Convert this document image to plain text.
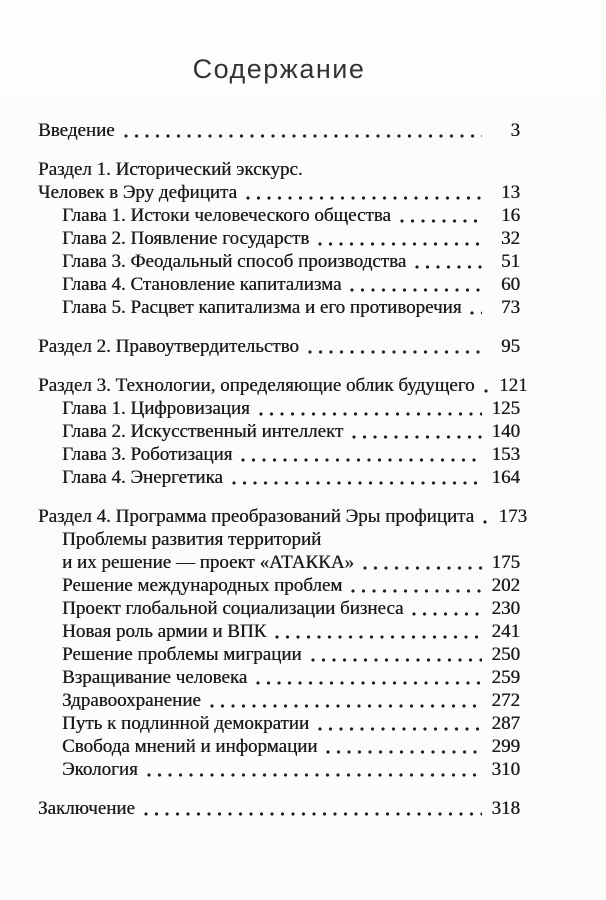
Содержание
Введение	3
Раздел 1. Исторический экскурс.
Человек в Эру дефицита	13
Глава 1. Истоки человеческого общества	16
Глава 2. Появление государств	32
Глава 3. Феодальный способ производства	51
Глава 4. Становление капитализма	60
Глава 5. Расцвет капитализма и его противоречия	73
Раздел 2. Правоутвердительство	95
Раздел 3. Технологии, определяющие облик будущего	121
Глава 1. Цифровизация	125
Глава 2. Искусственный интеллект	140
Глава 3. Роботизация	153
Глава 4. Энергетика	164
Раздел 4. Программа преобразований Эры профицита	173
Проблемы развития территорий
и их решение — проект «АТАККА»	175
Решение международных проблем	202
Проект глобальной социализации бизнеса	230
Новая роль армии и ВПК	241
Решение проблемы миграции	250
Взращивание человека	259
Здравоохранение	272
Путь к подлинной демократии	287
Свобода мнений и информации	299
Экология	310
Заключение	318
